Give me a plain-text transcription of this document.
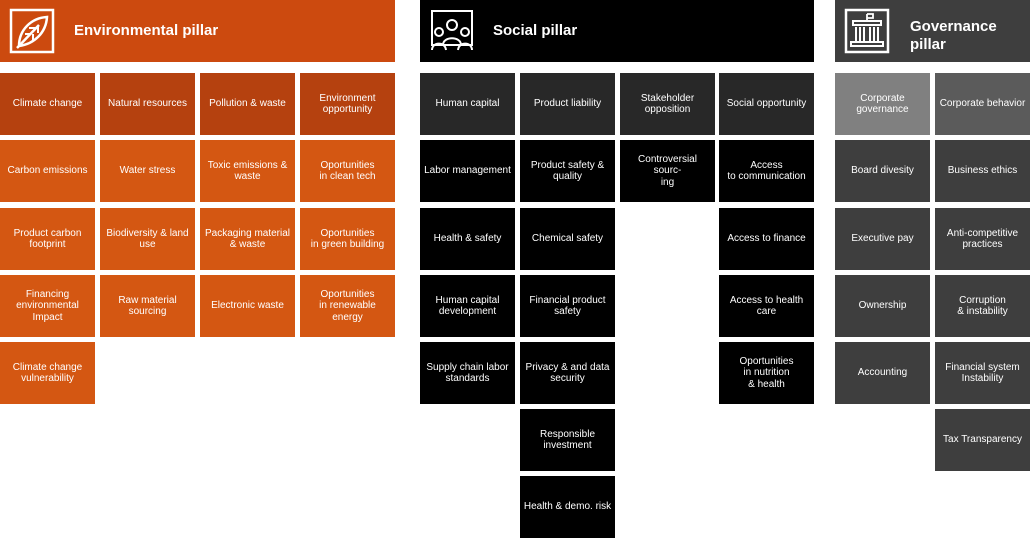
Environmental pillar	Social pillar	Governance
pillar
Climate change
Carbon emissions
Product carbon
footprint
Financing
environmental
Impact
Climate change
vulnerability
Natural resources
Water stress
Biodiversity & land
use
Raw material
sourcing
Pollution & waste
Toxic emissions &
waste
Packaging material
& waste
Electronic waste
Environment
opportunity
Oportunities
in clean tech
Oportunities
in green building
Oportunities
in renewable energy
Human capital
Labor management
Health & safety
Human capital
development
Supply chain labor
standards
Product liability
Product safety &
quality
Chemical safety
Financial product
safety
Privacy & and data
security
Responsible
investment
Health & demo. risk
Stakeholder
opposition
Controversial sourc-
ing
Social opportunity
Access
to communication
Access to finance
Access to health
care
Oportunities
in nutrition
& health
Corporate
governance
Board divesity
Executive pay
Ownership
Accounting
Corporate behavior
Business ethics
Anti-competitive
practices
Corruption
& instability
Financial system
Instability
Tax Transparency
